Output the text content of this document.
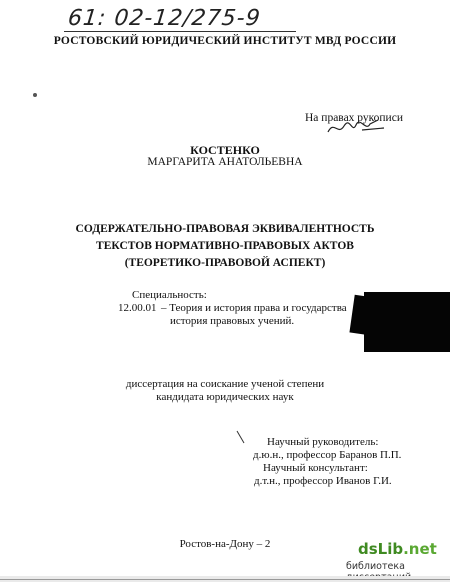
61: 02-12/275-9
РОСТОВСКИЙ ЮРИДИЧЕСКИЙ ИНСТИТУТ МВД РОССИИ
На правах рукописи
КОСТЕНКО
МАРГАРИТА АНАТОЛЬЕВНА
СОДЕРЖАТЕЛЬНО-ПРАВОВАЯ ЭКВИВАЛЕНТНОСТЬ
ТЕКСТОВ НОРМАТИВНО-ПРАВОВЫХ АКТОВ
(ТЕОРЕТИКО-ПРАВОВОЙ АСПЕКТ)
Специальность:
12.00.01 – Теория и история права и государства
история правовых учений.
диссертация на соискание ученой степени
кандидата юридических наук
Научный руководитель:
д.ю.н., профессор Баранов П.П.
Научный консультант:
д.т.н., профессор Иванов Г.И.
Ростов-на-Дону – 2	dsLib.net
библиотека
